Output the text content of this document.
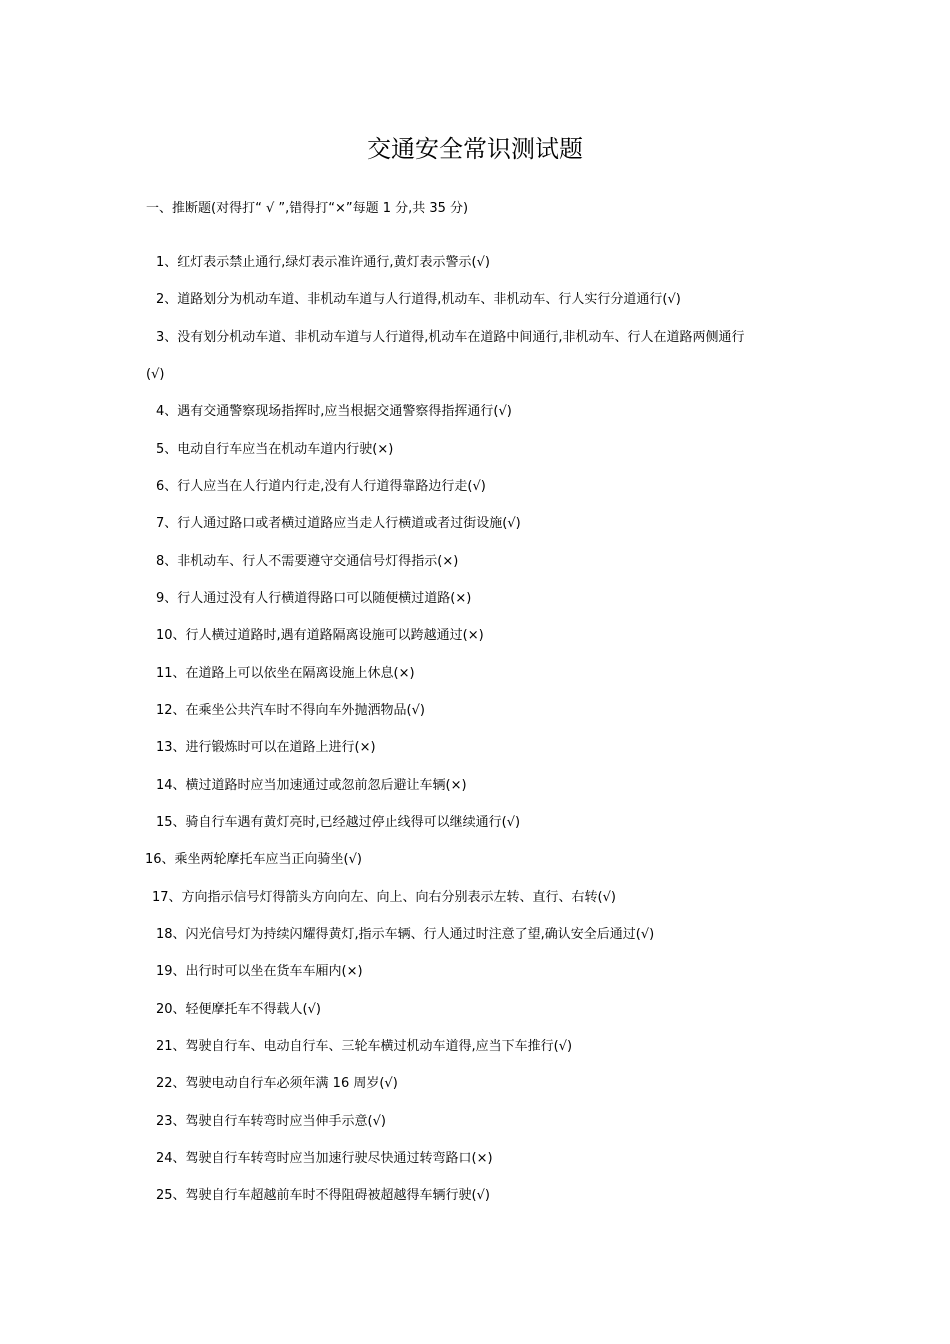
交通安全常识测试题
一、推断题(对得打“ √ ”,错得打“×”每题 1 分,共 35 分)
1、红灯表示禁止通行,绿灯表示准许通行,黄灯表示警示(√)
2、道路划分为机动车道、非机动车道与人行道得,机动车、非机动车、行人实行分道通行(√)
3、没有划分机动车道、非机动车道与人行道得,机动车在道路中间通行,非机动车、行人在道路两侧通行
(√)
4、遇有交通警察现场指挥时,应当根据交通警察得指挥通行(√)
5、电动自行车应当在机动车道内行驶(×)
6、行人应当在人行道内行走,没有人行道得靠路边行走(√)
7、行人通过路口或者横过道路应当走人行横道或者过街设施(√)
8、非机动车、行人不需要遵守交通信号灯得指示(×)
9、行人通过没有人行横道得路口可以随便横过道路(×)
10、行人横过道路时,遇有道路隔离设施可以跨越通过(×)
11、在道路上可以依坐在隔离设施上休息(×)
12、在乘坐公共汽车时不得向车外抛洒物品(√)
13、进行锻炼时可以在道路上进行(×)
14、横过道路时应当加速通过或忽前忽后避让车辆(×)
15、骑自行车遇有黄灯亮时,已经越过停止线得可以继续通行(√)
16、乘坐两轮摩托车应当正向骑坐(√)
17、方向指示信号灯得箭头方向向左、向上、向右分别表示左转、直行、右转(√)
18、闪光信号灯为持续闪耀得黄灯,指示车辆、行人通过时注意了望,确认安全后通过(√)
19、出行时可以坐在货车车厢内(×)
20、轻便摩托车不得载人(√)
21、驾驶自行车、电动自行车、三轮车横过机动车道得,应当下车推行(√)
22、驾驶电动自行车必须年满 16 周岁(√)
23、驾驶自行车转弯时应当伸手示意(√)
24、驾驶自行车转弯时应当加速行驶尽快通过转弯路口(×)
25、驾驶自行车超越前车时不得阻碍被超越得车辆行驶(√)
